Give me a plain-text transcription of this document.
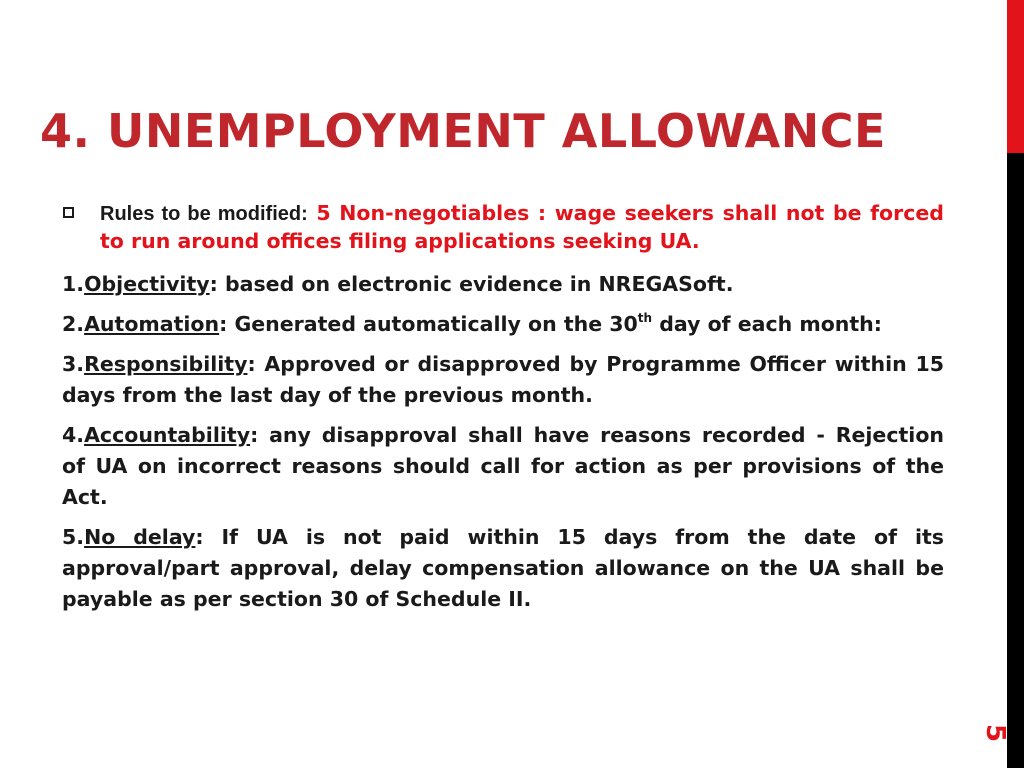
4. UNEMPLOYMENT ALLOWANCE

Rules to be modified: 5 Non-negotiables : wage seekers shall not be forced to run around offices filing applications seeking UA.

1.Objectivity: based on electronic evidence in NREGASoft.

2.Automation: Generated automatically on the 30th day of each month:

3.Responsibility: Approved or disapproved by Programme Officer within 15 days from the last day of the previous month.

4.Accountability: any disapproval shall have reasons recorded - Rejection of UA on incorrect reasons should call for action as per provisions of the Act.

5.No delay: If UA is not paid within 15 days from the date of its approval/part approval, delay compensation allowance on the UA shall be payable as per section 30 of Schedule II.

5
